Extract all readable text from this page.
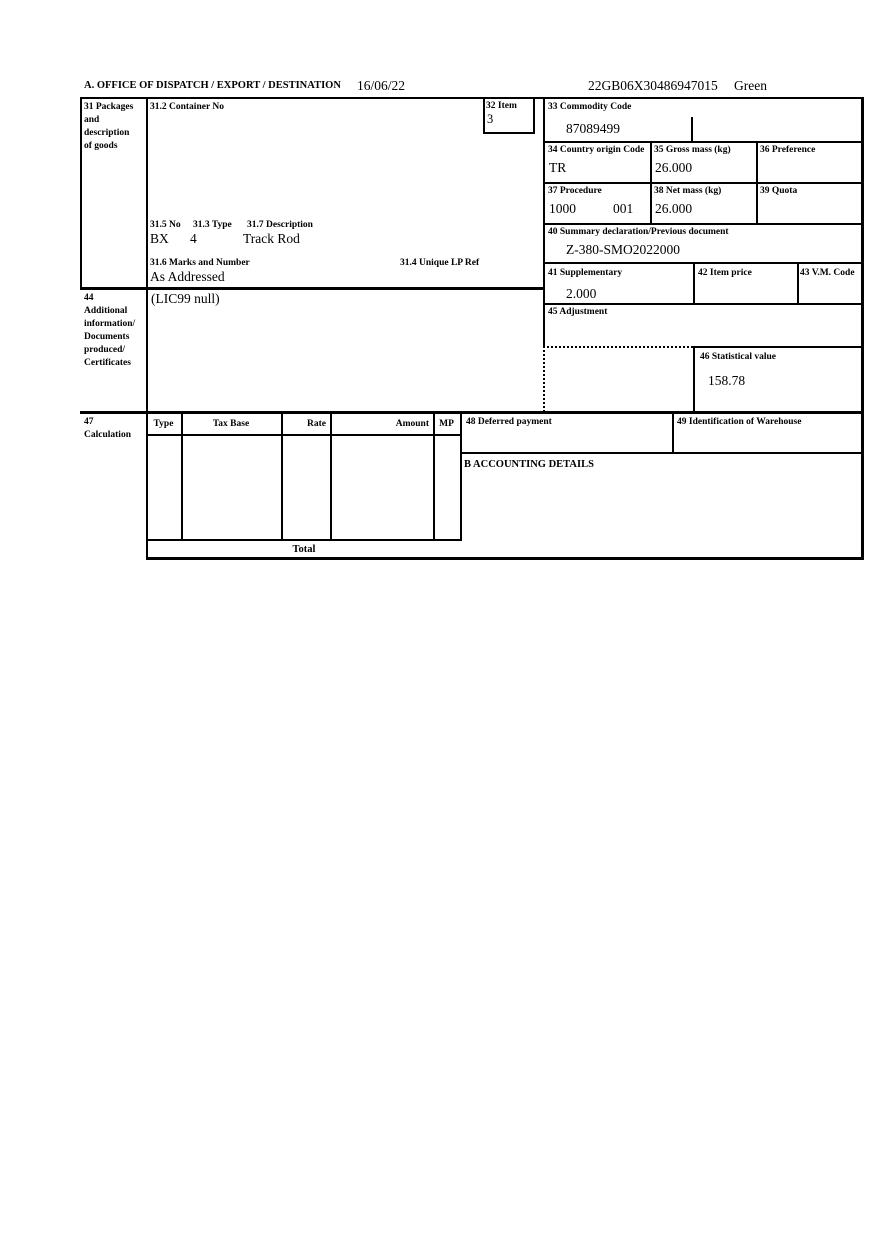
A. OFFICE OF DISPATCH / EXPORT / DESTINATION 16/06/22	22GB06X30486947015 Green
31 Packages
and
description
of goods
31.2 Container No	32 Item
3
31.5 No 31.3 Type 31.7 Description
BX 4	Track Rod
31.6 Marks and Number	31.4 Unique LP Ref
As Addressed
33 Commodity Code
87089499
34 Country origin Code
TR
35 Gross mass (kg)
26.000
36 Preference
37 Procedure
1000	001
38 Net mass (kg)
26.000
39 Quota
40 Summary declaration/Previous document
Z-380-SMO2022000
41 Supplementary
2.000
42 Item price	43 V.M. Code
45 Adjustment
46 Statistical value
158.78
44
Additional
information/
Documents
produced/
Certificates
(LIC99 null)
47
Calculation
Type	Tax Base	Rate	Amount	MP
Total
48 Deferred payment	49 Identification of Warehouse
B ACCOUNTING DETAILS
